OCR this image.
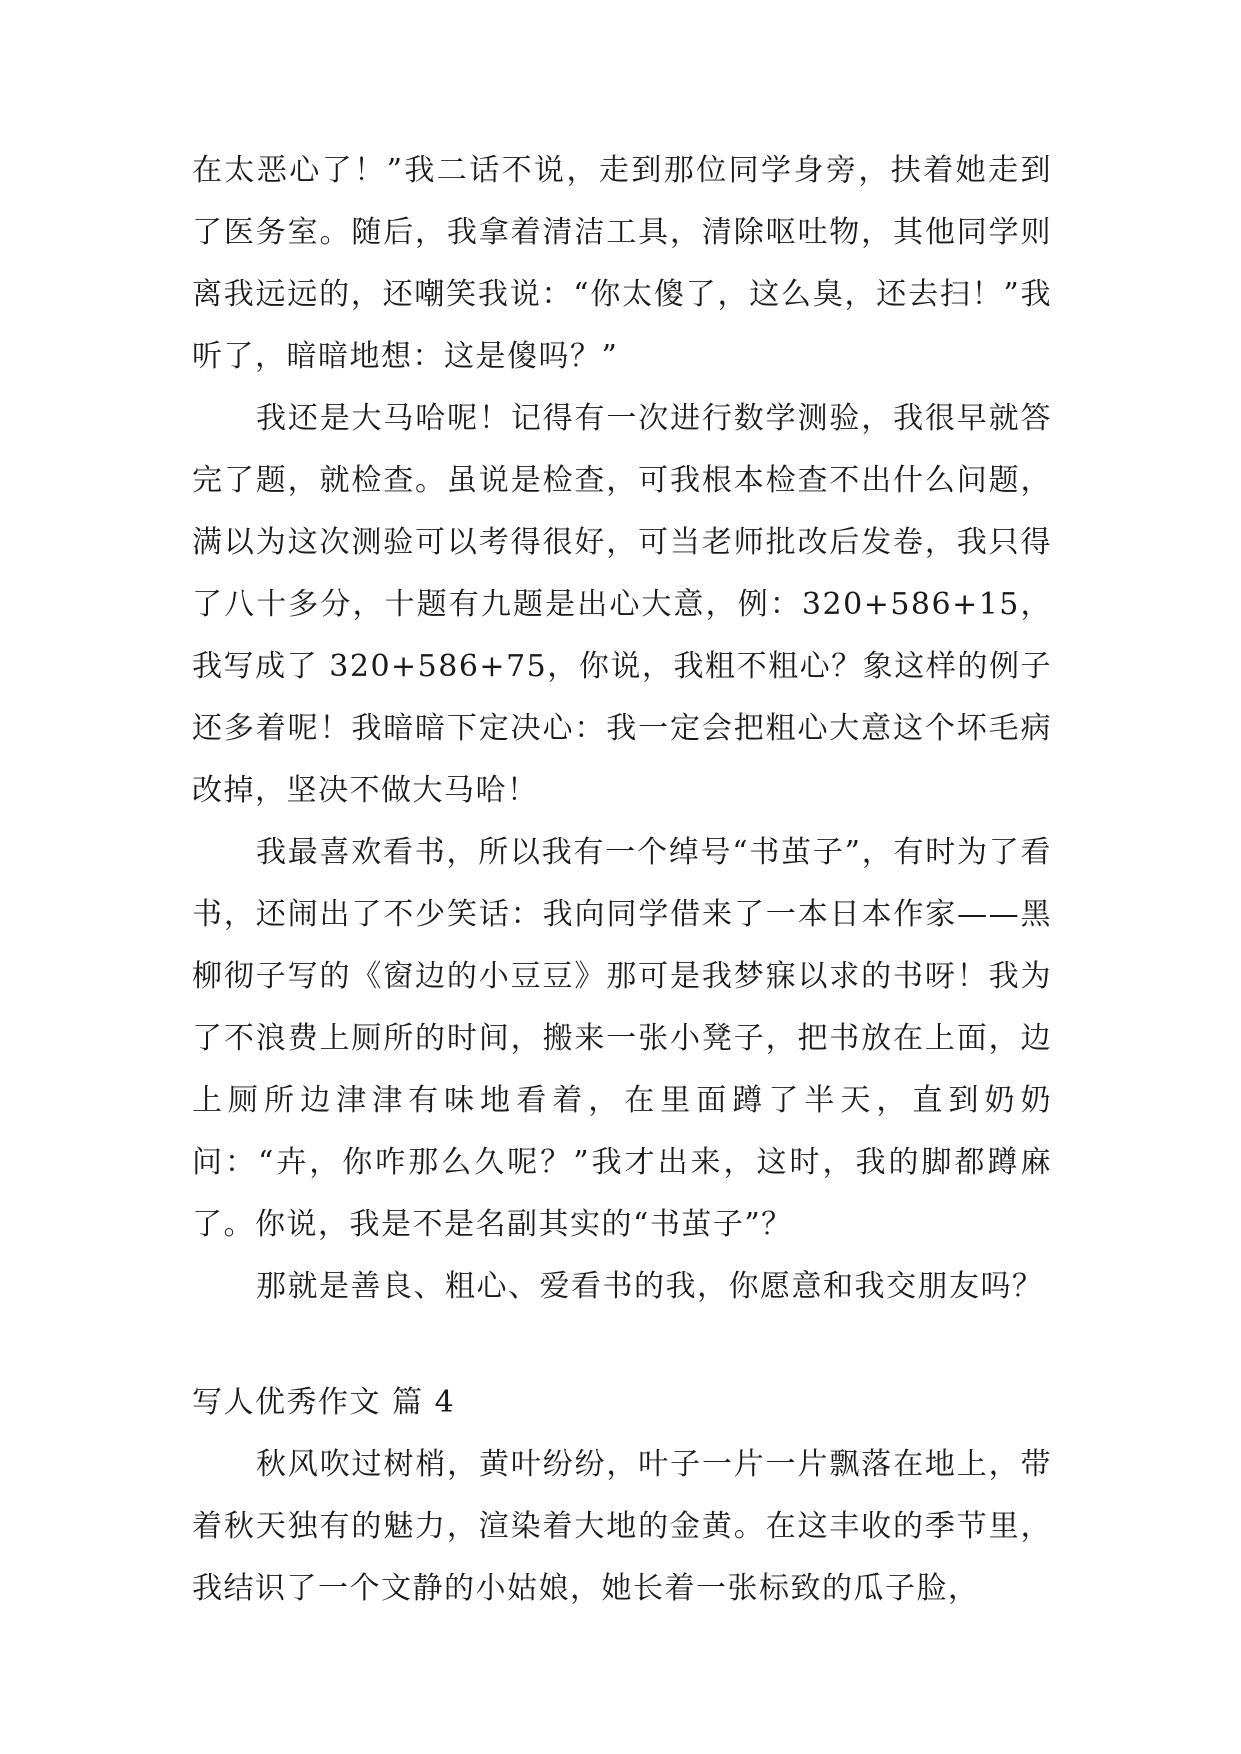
在太恶心了！”我二话不说，走到那位同学身旁，扶着她走到了医务室。随后，我拿着清洁工具，清除呕吐物，其他同学则离我远远的，还嘲笑我说：“你太傻了，这么臭，还去扫！”我听了，暗暗地想：这是傻吗？”

我还是大马哈呢！记得有一次进行数学测验，我很早就答完了题，就检查。虽说是检查，可我根本检查不出什么问题，满以为这次测验可以考得很好，可当老师批改后发卷，我只得了八十多分，十题有九题是出心大意，例：320+586+15，我写成了 320+586+75，你说，我粗不粗心？象这样的例子还多着呢！我暗暗下定决心：我一定会把粗心大意这个坏毛病改掉，坚决不做大马哈！

我最喜欢看书，所以我有一个绰号“书茧子”，有时为了看书，还闹出了不少笑话：我向同学借来了一本日本作家——黑柳彻子写的《窗边的小豆豆》那可是我梦寐以求的书呀！我为了不浪费上厕所的时间，搬来一张小凳子，把书放在上面，边上厕所边津津有味地看着，在里面蹲了半天，直到奶奶问：“卉，你咋那么久呢？”我才出来，这时，我的脚都蹲麻了。你说，我是不是名副其实的“书茧子”？

那就是善良、粗心、爱看书的我，你愿意和我交朋友吗？

写人优秀作文 篇 4

秋风吹过树梢，黄叶纷纷，叶子一片一片飘落在地上，带着秋天独有的魅力，渲染着大地的金黄。在这丰收的季节里，我结识了一个文静的小姑娘，她长着一张标致的瓜子脸，
